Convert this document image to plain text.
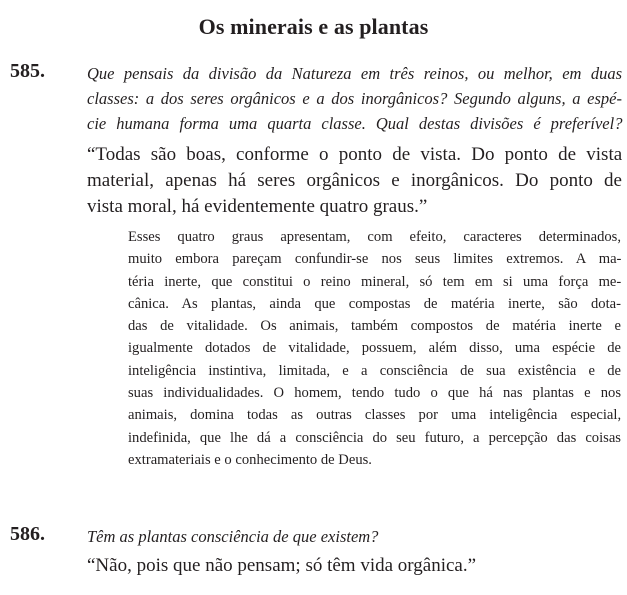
Os minerais e as plantas
585.	Que pensais da divisão da Natureza em três reinos, ou melhor, em duas
classes: a dos seres orgânicos e a dos inorgânicos? Segundo alguns, a espé-
cie humana forma uma quarta classe. Qual destas divisões é preferível?
“Todas são boas, conforme o ponto de vista. Do ponto de vista
material, apenas há seres orgânicos e inorgânicos. Do ponto de
vista moral, há evidentemente quatro graus.”
Esses quatro graus apresentam, com efeito, caracteres determinados,
muito embora pareçam confundir-se nos seus limites extremos. A ma-
téria inerte, que constitui o reino mineral, só tem em si uma força me-
cânica. As plantas, ainda que compostas de matéria inerte, são dota-
das de vitalidade. Os animais, também compostos de matéria inerte e
igualmente dotados de vitalidade, possuem, além disso, uma espécie de
inteligência instintiva, limitada, e a consciência de sua existência e de
suas individualidades. O homem, tendo tudo o que há nas plantas e nos
animais, domina todas as outras classes por uma inteligência especial,
indefinida, que lhe dá a consciência do seu futuro, a percepção das coisas
extramateriais e o conhecimento de Deus.
586.	Têm as plantas consciência de que existem?
“Não, pois que não pensam; só têm vida orgânica.”
